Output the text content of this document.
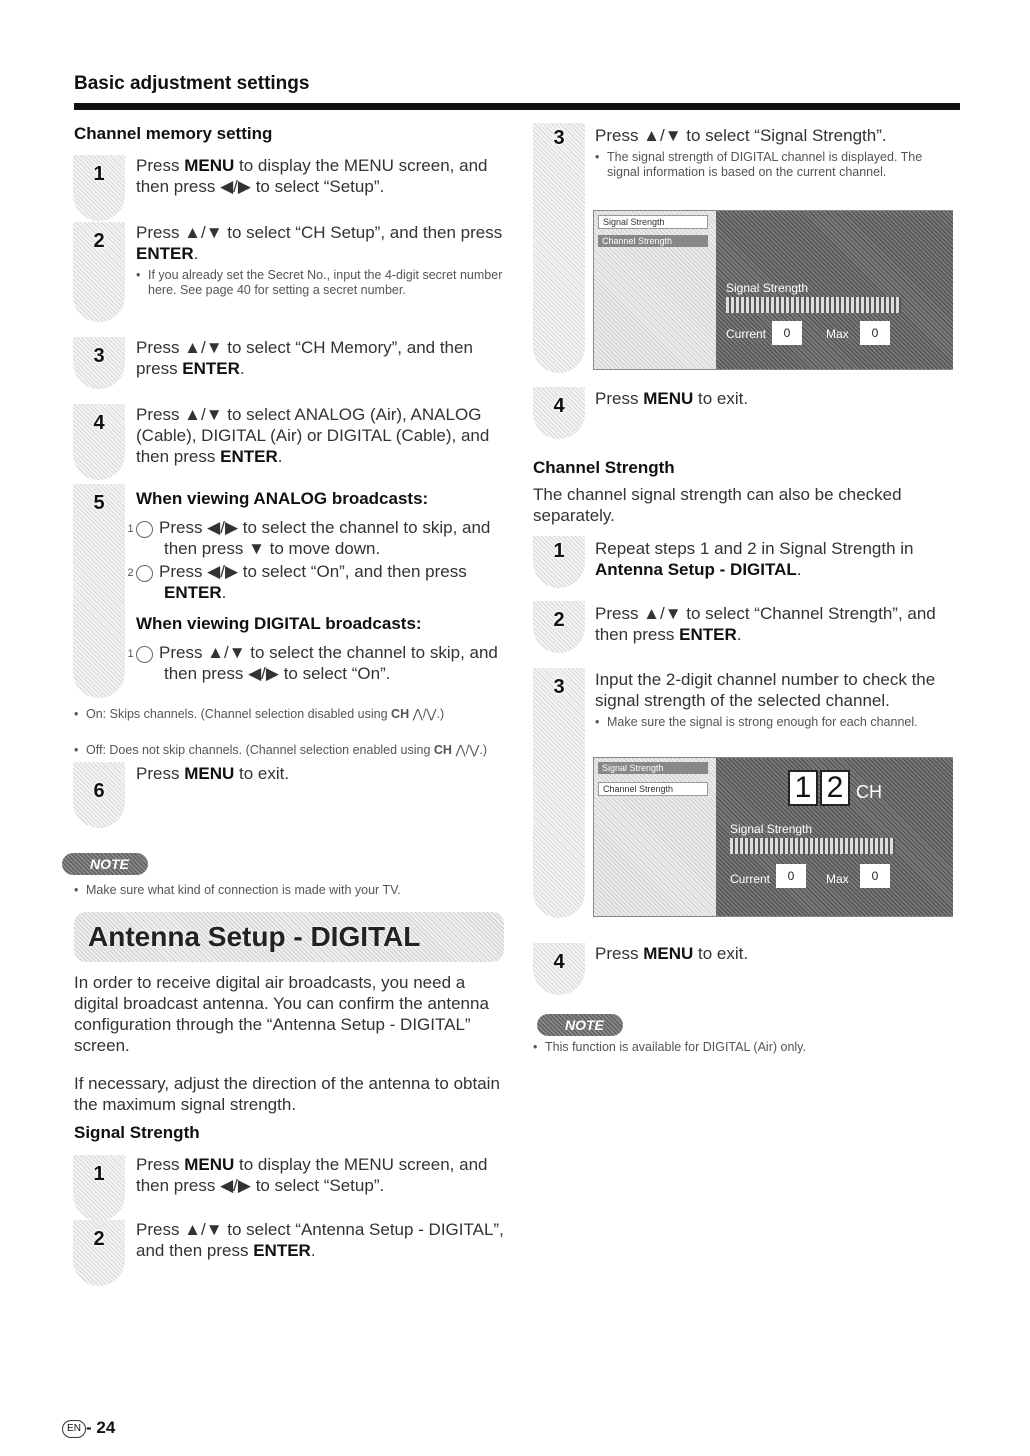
Basic adjustment settings
Channel memory setting
1	Press MENU to display the MENU screen, and then press ◀/▶ to select “Setup”.
2	Press ▲/▼ to select “CH Setup”, and then press ENTER.
• If you already set the Secret No., input the 4-digit secret number here. See page 40 for setting a secret number.
3	Press ▲/▼ to select “CH Memory”, and then press ENTER.
4	Press ▲/▼ to select ANALOG (Air), ANALOG (Cable), DIGITAL (Air) or DIGITAL (Cable), and then press ENTER.
5	When viewing ANALOG broadcasts:
1 Press ◀/▶ to select the channel to skip, and then press ▼ to move down.
2 Press ◀/▶ to select “On”, and then press ENTER.
When viewing DIGITAL broadcasts:
1 Press ▲/▼ to select the channel to skip, and then press ◀/▶ to select “On”.
• On: Skips channels. (Channel selection disabled using CH ⋀/⋁.)
• Off: Does not skip channels. (Channel selection enabled using CH ⋀/⋁.)
6
Press MENU to exit.
NOTE
• Make sure what kind of connection is made with your TV.
Antenna Setup - DIGITAL
In order to receive digital air broadcasts, you need a digital broadcast antenna. You can confirm the antenna configuration through the “Antenna Setup - DIGITAL” screen.
If necessary, adjust the direction of the antenna to obtain the maximum signal strength.
Signal Strength
1	Press MENU to display the MENU screen, and then press ◀/▶ to select “Setup”.
2	Press ▲/▼ to select “Antenna Setup - DIGITAL”, and then press ENTER.
3	Press ▲/▼ to select “Signal Strength”.
• The signal strength of DIGITAL channel is displayed. The signal information is based on the current channel.
Signal Strength
Channel Strength
Signal Strength
Current	0	Max	0
4	Press MENU to exit.
Channel Strength
The channel signal strength can also be checked separately.
1	Repeat steps 1 and 2 in Signal Strength in Antenna Setup - DIGITAL.
2	Press ▲/▼ to select “Channel Strength”, and then press ENTER.
3	Input the 2-digit channel number to check the signal strength of the selected channel.
• Make sure the signal is strong enough for each channel.
Signal Strength
Channel Strength	1 2 CH
Signal Strength
Current	0	Max	0
4	Press MENU to exit.
NOTE
• This function is available for DIGITAL (Air) only.
EN - 24
